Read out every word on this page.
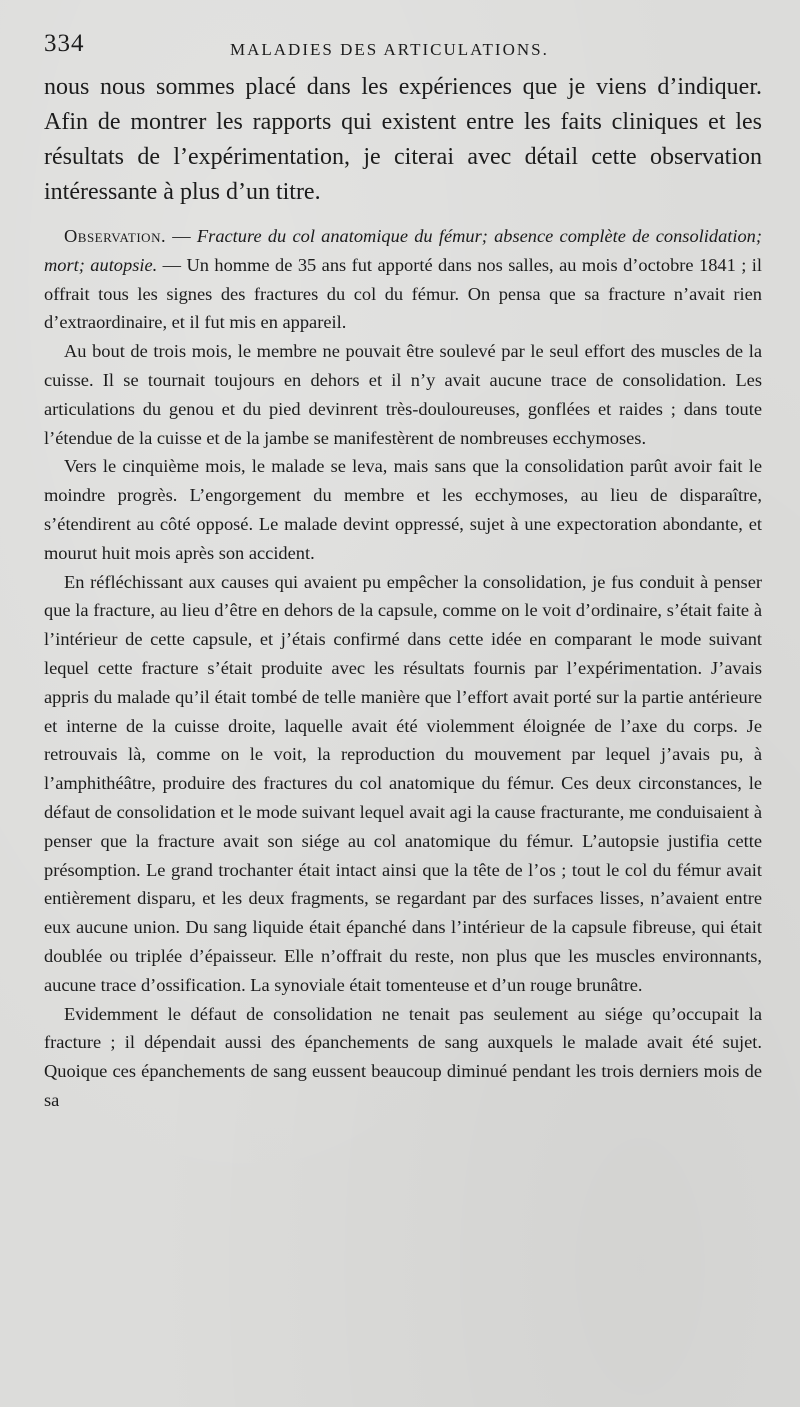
334	MALADIES DES ARTICULATIONS.

nous nous sommes placé dans les expériences que je viens d’indiquer. Afin de montrer les rapports qui existent entre les faits cliniques et les résultats de l’expérimentation, je citerai avec détail cette observation intéressante à plus d’un titre.

Observation. — Fracture du col anatomique du fémur; absence complète de consolidation; mort; autopsie. — Un homme de 35 ans fut apporté dans nos salles, au mois d’octobre 1841 ; il offrait tous les signes des fractures du col du fémur. On pensa que sa fracture n’avait rien d’extraordinaire, et il fut mis en appareil.

Au bout de trois mois, le membre ne pouvait être soulevé par le seul effort des muscles de la cuisse. Il se tournait toujours en dehors et il n’y avait aucune trace de consolidation. Les articulations du genou et du pied devinrent très-douloureuses, gonflées et raides ; dans toute l’étendue de la cuisse et de la jambe se manifestèrent de nombreuses ecchymoses.

Vers le cinquième mois, le malade se leva, mais sans que la consolidation parût avoir fait le moindre progrès. L’engorgement du membre et les ecchymoses, au lieu de disparaître, s’étendirent au côté opposé. Le malade devint oppressé, sujet à une expectoration abondante, et mourut huit mois après son accident.

En réfléchissant aux causes qui avaient pu empêcher la consolidation, je fus conduit à penser que la fracture, au lieu d’être en dehors de la capsule, comme on le voit d’ordinaire, s’était faite à l’intérieur de cette capsule, et j’étais confirmé dans cette idée en comparant le mode suivant lequel cette fracture s’était produite avec les résultats fournis par l’expérimentation. J’avais appris du malade qu’il était tombé de telle manière que l’effort avait porté sur la partie antérieure et interne de la cuisse droite, laquelle avait été violemment éloignée de l’axe du corps. Je retrouvais là, comme on le voit, la reproduction du mouvement par lequel j’avais pu, à l’amphithéâtre, produire des fractures du col anatomique du fémur. Ces deux circonstances, le défaut de consolidation et le mode suivant lequel avait agi la cause fracturante, me conduisaient à penser que la fracture avait son siége au col anatomique du fémur. L’autopsie justifia cette présomption. Le grand trochanter était intact ainsi que la tête de l’os ; tout le col du fémur avait entièrement disparu, et les deux fragments, se regardant par des surfaces lisses, n’avaient entre eux aucune union. Du sang liquide était épanché dans l’intérieur de la capsule fibreuse, qui était doublée ou triplée d’épaisseur. Elle n’offrait du reste, non plus que les muscles environnants, aucune trace d’ossification. La synoviale était tomenteuse et d’un rouge brunâtre.

Evidemment le défaut de consolidation ne tenait pas seulement au siége qu’occupait la fracture ; il dépendait aussi des épanchements de sang auxquels le malade avait été sujet. Quoique ces épanchements de sang eussent beaucoup diminué pendant les trois derniers mois de sa
